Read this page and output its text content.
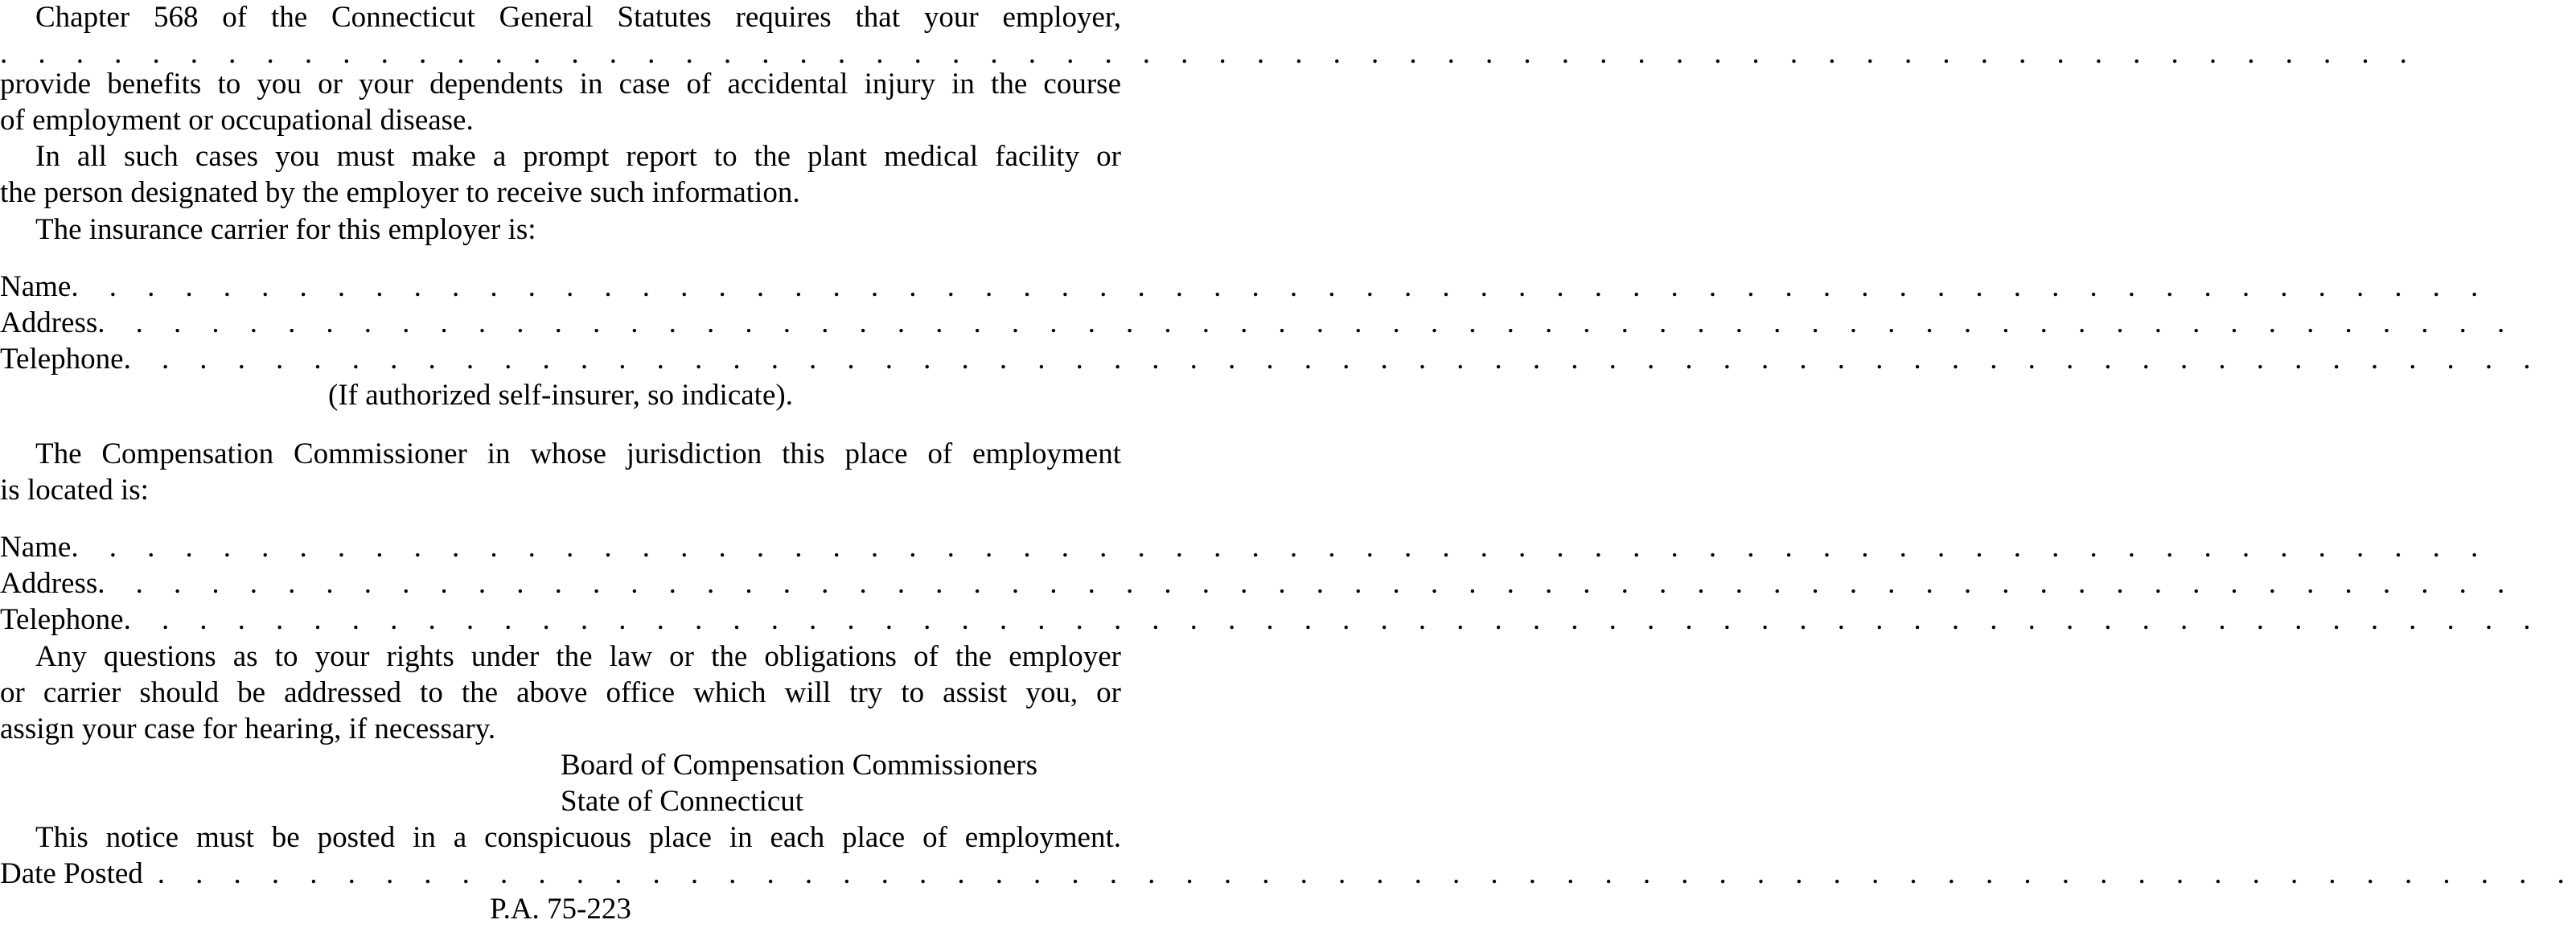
Chapter 568 of the Connecticut General Statutes requires that your employer,
. . . . . . . . . . . . . . . . . . . . . . . . . . . . . . . . . . . . . . . . . . . . . . . . . . . . . . . . . . . . . . . .
provide benefits to you or your dependents in case of accidental injury in the course
of employment or occupational disease.
In all such cases you must make a prompt report to the plant medical facility or
the person designated by the employer to receive such information.
The insurance carrier for this employer is:
Name . . . . . . . . . . . . . . . . . . . . . . . . . . . . . . . . . . . . . . . . . . . . . . . . . . . . . . . . . . . . . . . .
Address . . . . . . . . . . . . . . . . . . . . . . . . . . . . . . . . . . . . . . . . . . . . . . . . . . . . . . . . . . . . . . . .
Telephone . . . . . . . . . . . . . . . . . . . . . . . . . . . . . . . . . . . . . . . . . . . . . . . . . . . . . . . . . . . . . . . .
(If authorized self-insurer, so indicate).
The Compensation Commissioner in whose jurisdiction this place of employment
is located is:
Name . . . . . . . . . . . . . . . . . . . . . . . . . . . . . . . . . . . . . . . . . . . . . . . . . . . . . . . . . . . . . . . .
Address . . . . . . . . . . . . . . . . . . . . . . . . . . . . . . . . . . . . . . . . . . . . . . . . . . . . . . . . . . . . . . . .
Telephone . . . . . . . . . . . . . . . . . . . . . . . . . . . . . . . . . . . . . . . . . . . . . . . . . . . . . . . . . . . . . . . .
Any questions as to your rights under the law or the obligations of the employer
or carrier should be addressed to the above office which will try to assist you, or
assign your case for hearing, if necessary.
Board of Compensation Commissioners
State of Connecticut
This notice must be posted in a conspicuous place in each place of employment.
Date Posted . . . . . . . . . . . . . . . . . . . . . . . . . . . . . . . . . . . . . . . . . . . . . . . . . . . . . . . . . . . . . . . .
P.A. 75-223
